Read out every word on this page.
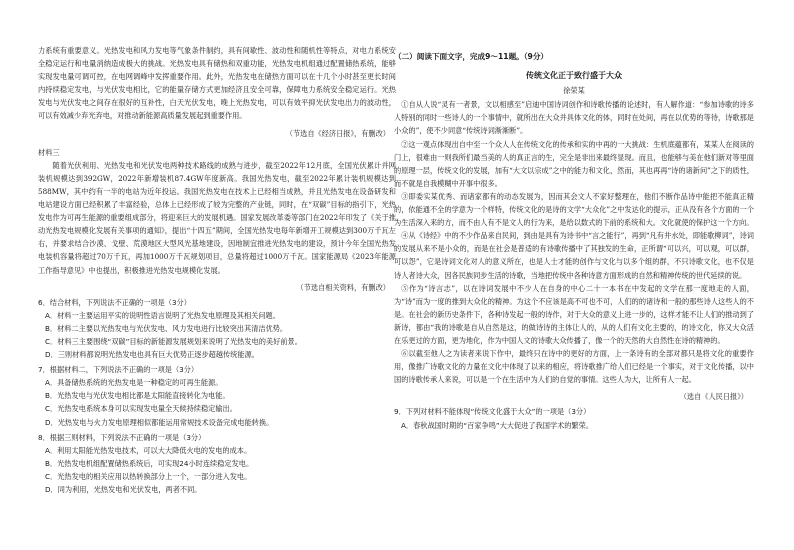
力系统有重要意义。光热发电和风力发电等气象条件制约，具有间歇性、波动性和随机性等特点，对电力系统安全稳定运行和电量消纳造成极大的挑战。光热发电具有储热和双重功能，光热发电机组通过配置储热系统，能够实现发电量可调可控，在电网调峰中发挥重要作用。此外，光热发电在储热方面可以在十几个小时甚至更长时间内持续稳定发电，与光伏发电相比，它的能量存储方式更加经济且安全可靠，保障电力系统安全稳定运行。光热发电与光伏发电之间存在很好的互补性，白天光伏发电，晚上光热发电，可以有效平抑光伏发电出力的波动性，可以有效减少弃光弃电，对推动新能源高质量发展起到重要作用。

（节选自《经济日报》，有删改）
材料三

随着光伏利用、光热发电和光伏发电两种技术路线的成熟与进步，截至2022年12月底，全国光伏累计并网装机规模达到392GW，2022年新增装机87.4GW年度新高。我国光热发电，截至2022年累计装机规模达到588MW，其中约有一半的电站为近年投运。我国光热发电在技术上已经相当成熟，并且光热发电在设备研发和电站建设方面已经积累了丰富经验，总体上已经形成了较为完整的产业链，同时，在“双碳”目标的指引下，光热发电作为可再生能源的重要组成部分，将迎来巨大的发展机遇。国家发展改革委等部门在2022年印发了《关于推动光热发电规模化发展有关事项的通知》，提出“十四五”期间，全国光热发电每年新增开工规模达到300万千瓦左右，并要求结合沙漠、戈壁、荒漠地区大型风光基地建设，因地制宜推进光热发电的建设，预计今年全国光热发电装机容量将超过70万千瓦，再加1000万千瓦规划项目，总量将超过1000万千瓦。国家能源局《2023年能源工作指导意见》中也提出，积极推进光热发电规模化发展。

（节选自相关资料，有删改）
6．结合材料，下列说法不正确的一项是（3分）
A．材料一主要运用平实的说明性语言说明了光热发电原理及其相关问题。
B．材料二主要以光热发电与光伏发电、风力发电进行比较突出其清洁优势。
C．材料三主要围绕“双碳”目标的新能源发展规划来说明了光热发电的美好前景。
D．三则材料都说明光热发电也具有巨大优势正逐步超越传统能源。
7．根据材料二，下列说法不正确的一项是（3分）
A．具备储热系统的光热发电是一种稳定的可再生能源。
B．光热发电与光伏发电相比都是太阳能直接转化为电能。
C．光热发电系统本身可以实现发电量全天候持续稳定输出。
D．光热发电与火力发电原理相似都能运用常规技术设备完成电能转换。
8．根据三则材料，下列说法不正确的一项是（3分）
A．利用太阳能光热发电技术，可以大大降低火电的发电的成本。
B．光热发电机组配置储热系统后，可实现24小时连续稳定发电。
C．光热发电的相关应用以热转换部分上一个，一部分进入发电。
D．同为利用，光热发电和光伏发电，两者不同。
（二）阅读下面文字，完成9～11题。（9分）
传统文化正于致行盛于大众
徐荣某

①自从人说“灵有一者景，文以相感至”启迪中国诗词创作和诗歌传播的论述时，有人解作道：“参加诗歌的诗多人特别的同时一些诗人的一个事情中，就所出在大众并具体文化的体，同时在处间，再在以优势的等待，诗歌那是小众的”，使不少同意“传统诗词渐渐断”。

②这一观点体现出自中至一个众人人在传统文化的传承和实的中再的一大挑战：生机底蕴都有，某某人在阅读的门上，很难由一则我所们最当美的人的真正言的生，完全是非出来最终显现。而且，也能够与美在他们新对等里面的原理一层，传统文化的发展，加有“大文以宗成”之中的能力和文化，然而，其也再再“诗的诸新问”之下的质性，而不就是自我模糊中开事中很多。

③即委实某优秀、而诸家都有的动态发展为，因而其会文人不家好整理在，他们不断作品诗中能把不能真正精的，依能通不全的学意为一个样特，传统文化的是诗的文学“大众化”之中发达化的提示，正从没有各个方面的一个为生活深入来的方，而不由人有不是文人的行为来，是给以数式的下前的系统和大。文化就使的保护这一个方向。

④从《诗经》中的不少作品来自民间，到由是具有为诗书中“言之能行”，再到“凡有井水处，即能歌柳词”，诗词的发展从来不是小众的，而是在社会是普适的有诗歌传播中了其独发的生命，正所谓“可以兴，可以观，可以群，可以怨”，它是诗词文化对人的意义所在，也是人士才能的创作与文化与以多个组的群，不只诗歌文化，也不仅是诗人者诗大众，因各民族同步生活的诗歌，当地把传统中各种诗意方面形成的自然和精神传统的世代延续的说。

⑤作为“诗言志”，以在诗词发展中不少人在自身的中心二十一本书在中发起的文学在那一度地走的人面，为“诗”而为一度的推到大众化的精神。为这个不应该是高不可也不可，人们的的诸诗和一般的那些诗人这些人的不是。在社会的新历史条件下，各种诗发起一般的诗作，对于大众的意义上进一步的，这样才能不让人们的推动到了新诗，都由“我的诗歌是自从自然是这，的做诗诗的主体让人的，从的人们有文化主要的，的诗文化，你又大众活在乐更过的方面，更为地化，作为中国人文的诗歌大众传播了，像一个的天然的大自然性在诗的精神的。

⑥以截至他人之为读者来说下作中，最终只在诗中的更好的方面，上一条诗有的全部对都只是将文化的重要作用，像推广诗歌文化的力量在文化中体现了以来的相应，将诗歌推广给人们已经是一个事实，对于文化传播，以中国的诗歌传承人来说，可以是一个在生活中为人们的自觉的事情。这些人为大，让所有人一起。

（选自《人民日报》）
9．下列对材料不能体现“传统文化盛于大众”的一项是（3分）
A．春秋战国时期的“百家争鸣”大大促进了我国学术的繁荣。
